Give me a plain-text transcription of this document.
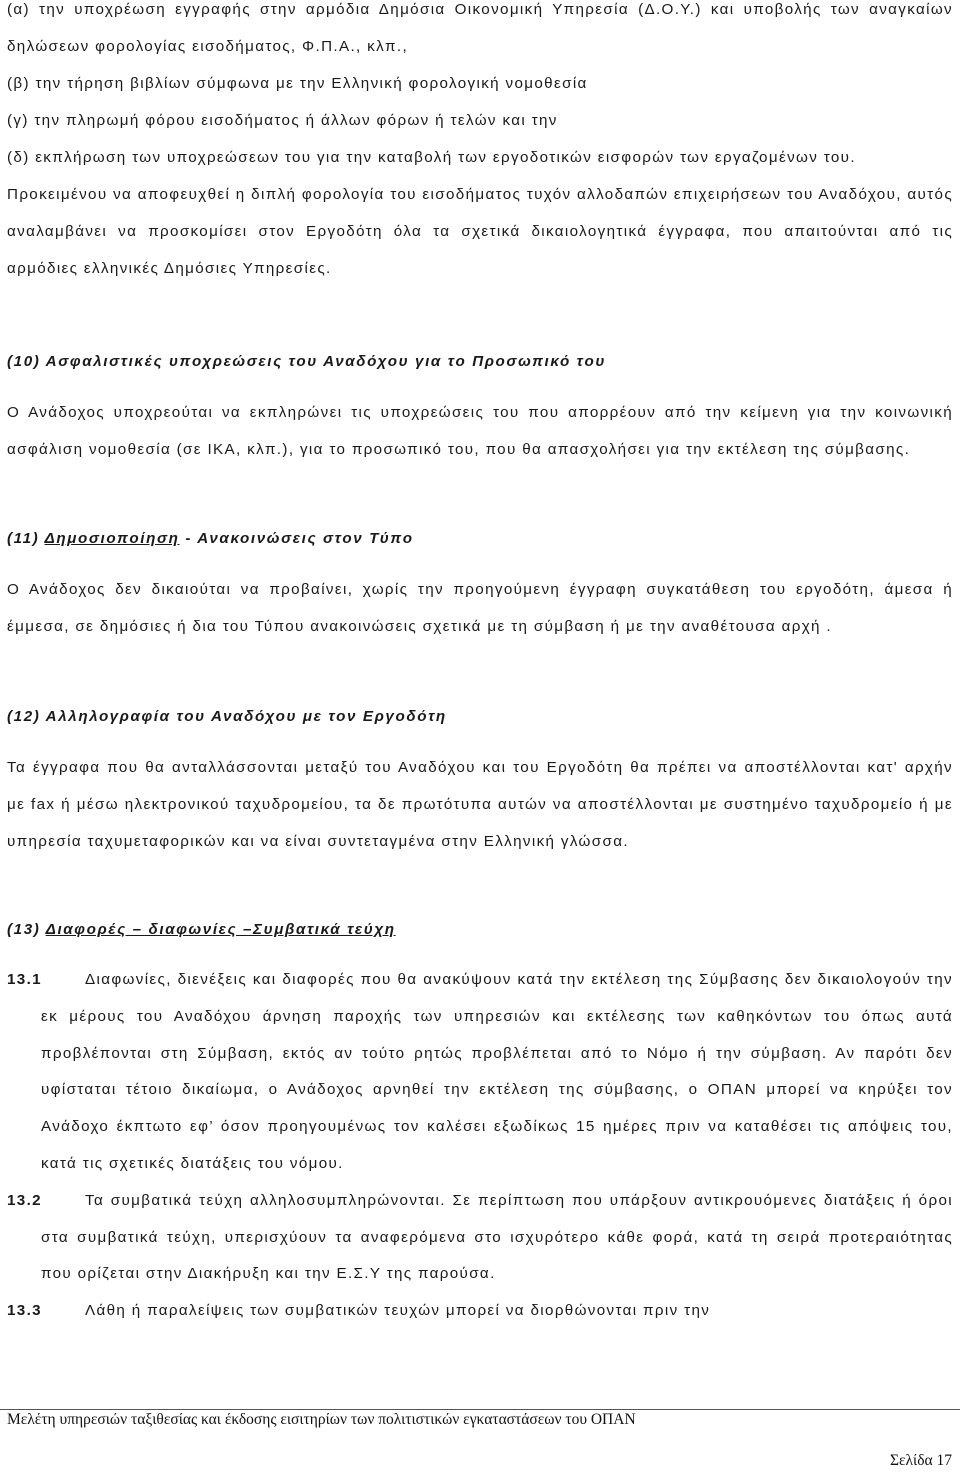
(α) την υποχρέωση εγγραφής στην αρμόδια Δημόσια Οικονομική Υπηρεσία (Δ.Ο.Υ.) και υποβολής των αναγκαίων δηλώσεων φορολογίας εισοδήματος, Φ.Π.Α., κλπ.,

(β) την τήρηση βιβλίων σύμφωνα με την Ελληνική φορολογική νομοθεσία

(γ) την πληρωμή φόρου εισοδήματος ή άλλων φόρων ή τελών και την

(δ) εκπλήρωση των υποχρεώσεων του για την καταβολή των εργοδοτικών εισφορών των εργαζομένων του.

Προκειμένου να αποφευχθεί η διπλή φορολογία του εισοδήματος τυχόν αλλοδαπών επιχειρήσεων του Αναδόχου, αυτός αναλαμβάνει να προσκομίσει στον Εργοδότη όλα τα σχετικά δικαιολογητικά έγγραφα, που απαιτούνται από τις αρμόδιες ελληνικές Δημόσιες Υπηρεσίες.

(10) Ασφαλιστικές υποχρεώσεις του Αναδόχου για το Προσωπικό του

Ο Ανάδοχος υποχρεούται να εκπληρώνει τις υποχρεώσεις του που απορρέουν από την κείμενη για την κοινωνική ασφάλιση νομοθεσία (σε ΙΚΑ, κλπ.), για το προσωπικό του, που θα απασχολήσει για την εκτέλεση της σύμβασης.

(11) Δημοσιοποίηση - Ανακοινώσεις στον Τύπο

Ο Ανάδοχος δεν δικαιούται να προβαίνει, χωρίς την προηγούμενη έγγραφη συγκατάθεση του εργοδότη, άμεσα ή έμμεσα, σε δημόσιες ή δια του Τύπου ανακοινώσεις σχετικά με τη σύμβαση ή με την αναθέτουσα αρχή .

(12) Αλληλογραφία του Αναδόχου με τον Εργοδότη

Τα έγγραφα που θα ανταλλάσσονται μεταξύ του Αναδόχου και του Εργοδότη θα πρέπει να αποστέλλονται κατ' αρχήν με fax ή μέσω ηλεκτρονικού ταχυδρομείου, τα δε πρωτότυπα αυτών να αποστέλλονται με συστημένο ταχυδρομείο ή με υπηρεσία ταχυμεταφορικών και να είναι συντεταγμένα στην Ελληνική γλώσσα.

(13) Διαφορές – διαφωνίες –Συμβατικά τεύχη

13.1	Διαφωνίες, διενέξεις και διαφορές που θα ανακύψουν κατά την εκτέλεση της Σύμβασης δεν δικαιολογούν την εκ μέρους του Αναδόχου άρνηση παροχής των υπηρεσιών και εκτέλεσης των καθηκόντων του όπως αυτά προβλέπονται στη Σύμβαση, εκτός αν τούτο ρητώς προβλέπεται από το Νόμο ή την σύμβαση. Αν παρότι δεν υφίσταται τέτοιο δικαίωμα, ο Ανάδοχος αρνηθεί την εκτέλεση της σύμβασης, ο ΟΠΑΝ μπορεί να κηρύξει τον Ανάδοχο έκπτωτο εφ’ όσον προηγουμένως τον καλέσει εξωδίκως 15 ημέρες πριν να καταθέσει τις απόψεις του, κατά τις σχετικές διατάξεις του νόμου.

13.2	Τα συμβατικά τεύχη αλληλοσυμπληρώνονται. Σε περίπτωση που υπάρξουν αντικρουόμενες διατάξεις ή όροι στα συμβατικά τεύχη, υπερισχύουν τα αναφερόμενα στο ισχυρότερο κάθε φορά, κατά τη σειρά προτεραιότητας που ορίζεται στην Διακήρυξη και την Ε.Σ.Υ της παρούσα.

13.3	Λάθη ή παραλείψεις των συμβατικών τευχών μπορεί να διορθώνονται πριν την

Μελέτη υπηρεσιών ταξιθεσίας και έκδοσης εισιτηρίων των πολιτιστικών εγκαταστάσεων του ΟΠΑΝ
Σελίδα 17
